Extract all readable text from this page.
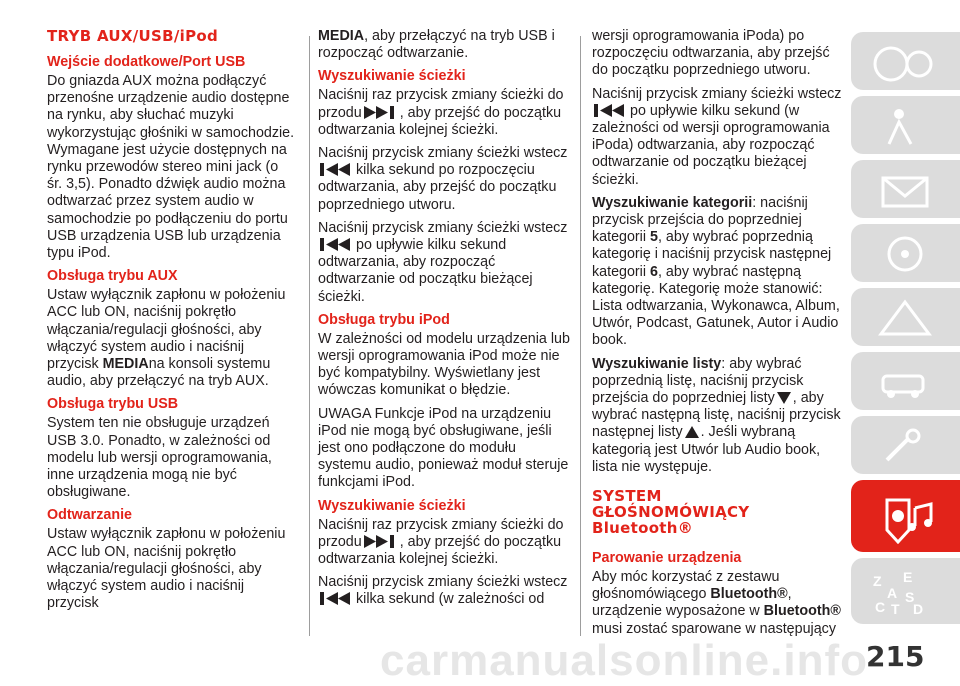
TRYB AUX/USB/iPod
Wejście dodatkowe/Port USB

Do gniazda AUX można podłączyć przenośne urządzenie audio dostępne na rynku, aby słuchać muzyki wykorzystując głośniki w samochodzie. Wymagane jest użycie dostępnych na rynku przewodów stereo mini jack (o śr. 3,5). Ponadto dźwięk audio można odtwarzać przez system audio w samochodzie po podłączeniu do portu USB urządzenia USB lub urządzenia typu iPod.

Obsługa trybu AUX

Ustaw wyłącznik zapłonu w położeniu ACC lub ON, naciśnij pokrętło włączania/regulacji głośności, aby włączyć system audio i naciśnij przycisk MEDIAna konsoli systemu audio, aby przełączyć na tryb AUX.

Obsługa trybu USB

System ten nie obsługuje urządzeń USB 3.0. Ponadto, w zależności od modelu lub wersji oprogramowania, inne urządzenia mogą nie być obsługiwane.

Odtwarzanie

Ustaw wyłącznik zapłonu w położeniu ACC lub ON, naciśnij pokrętło włączania/regulacji głośności, aby włączyć system audio i naciśnij przycisk

MEDIA, aby przełączyć na tryb USB i rozpocząć odtwarzanie.

Wyszukiwanie ścieżki

Naciśnij raz przycisk zmiany ścieżki do przodu	, aby przejść do początku odtwarzania kolejnej ścieżki.

Naciśnij przycisk zmiany ścieżki wstecz
kilka sekund po rozpoczęciu odtwarzania, aby przejść do początku poprzedniego utworu.

Naciśnij przycisk zmiany ścieżki wstecz
po upływie kilku sekund odtwarzania, aby rozpocząć odtwarzanie od początku bieżącej ścieżki.

Obsługa trybu iPod

W zależności od modelu urządzenia lub wersji oprogramowania iPod może nie być kompatybilny. Wyświetlany jest wówczas komunikat o błędzie.

UWAGA Funkcje iPod na urządzeniu iPod nie mogą być obsługiwane, jeśli jest ono podłączone do modułu systemu audio, ponieważ moduł steruje funkcjami iPod.

Wyszukiwanie ścieżki

Naciśnij raz przycisk zmiany ścieżki do przodu	, aby przejść do początku odtwarzania kolejnej ścieżki.

Naciśnij przycisk zmiany ścieżki wstecz
kilka sekund (w zależności od

wersji oprogramowania iPoda) po rozpoczęciu odtwarzania, aby przejść do początku poprzedniego utworu.

Naciśnij przycisk zmiany ścieżki wstecz
po upływie kilku sekund (w zależności od wersji oprogramowania iPoda) odtwarzania, aby rozpocząć odtwarzanie od początku bieżącej ścieżki.

Wyszukiwanie kategorii: naciśnij przycisk przejścia do poprzedniej kategorii 5, aby wybrać poprzednią kategorię i naciśnij przycisk następnej kategorii 6, aby wybrać następną kategorię. Kategorię może stanowić: Lista odtwarzania, Wykonawca, Album, Utwór, Podcast, Gatunek, Autor i Audio book.

Wyszukiwanie listy: aby wybrać poprzednią listę, naciśnij przycisk przejścia do poprzedniej listy , aby wybrać następną listę, naciśnij przycisk następnej listy . Jeśli wybraną kategorią jest Utwór lub Audio book, lista nie występuje.

SYSTEM
GŁOŚNOMÓWIĄCY
Bluetooth®
Parowanie urządzenia

Aby móc korzystać z zestawu głośnomówiącego Bluetooth®, urządzenie wyposażone w Bluetooth® musi zostać sparowane w następujący

Z E
A
C T
S
D
carmanualsonline.info
215
